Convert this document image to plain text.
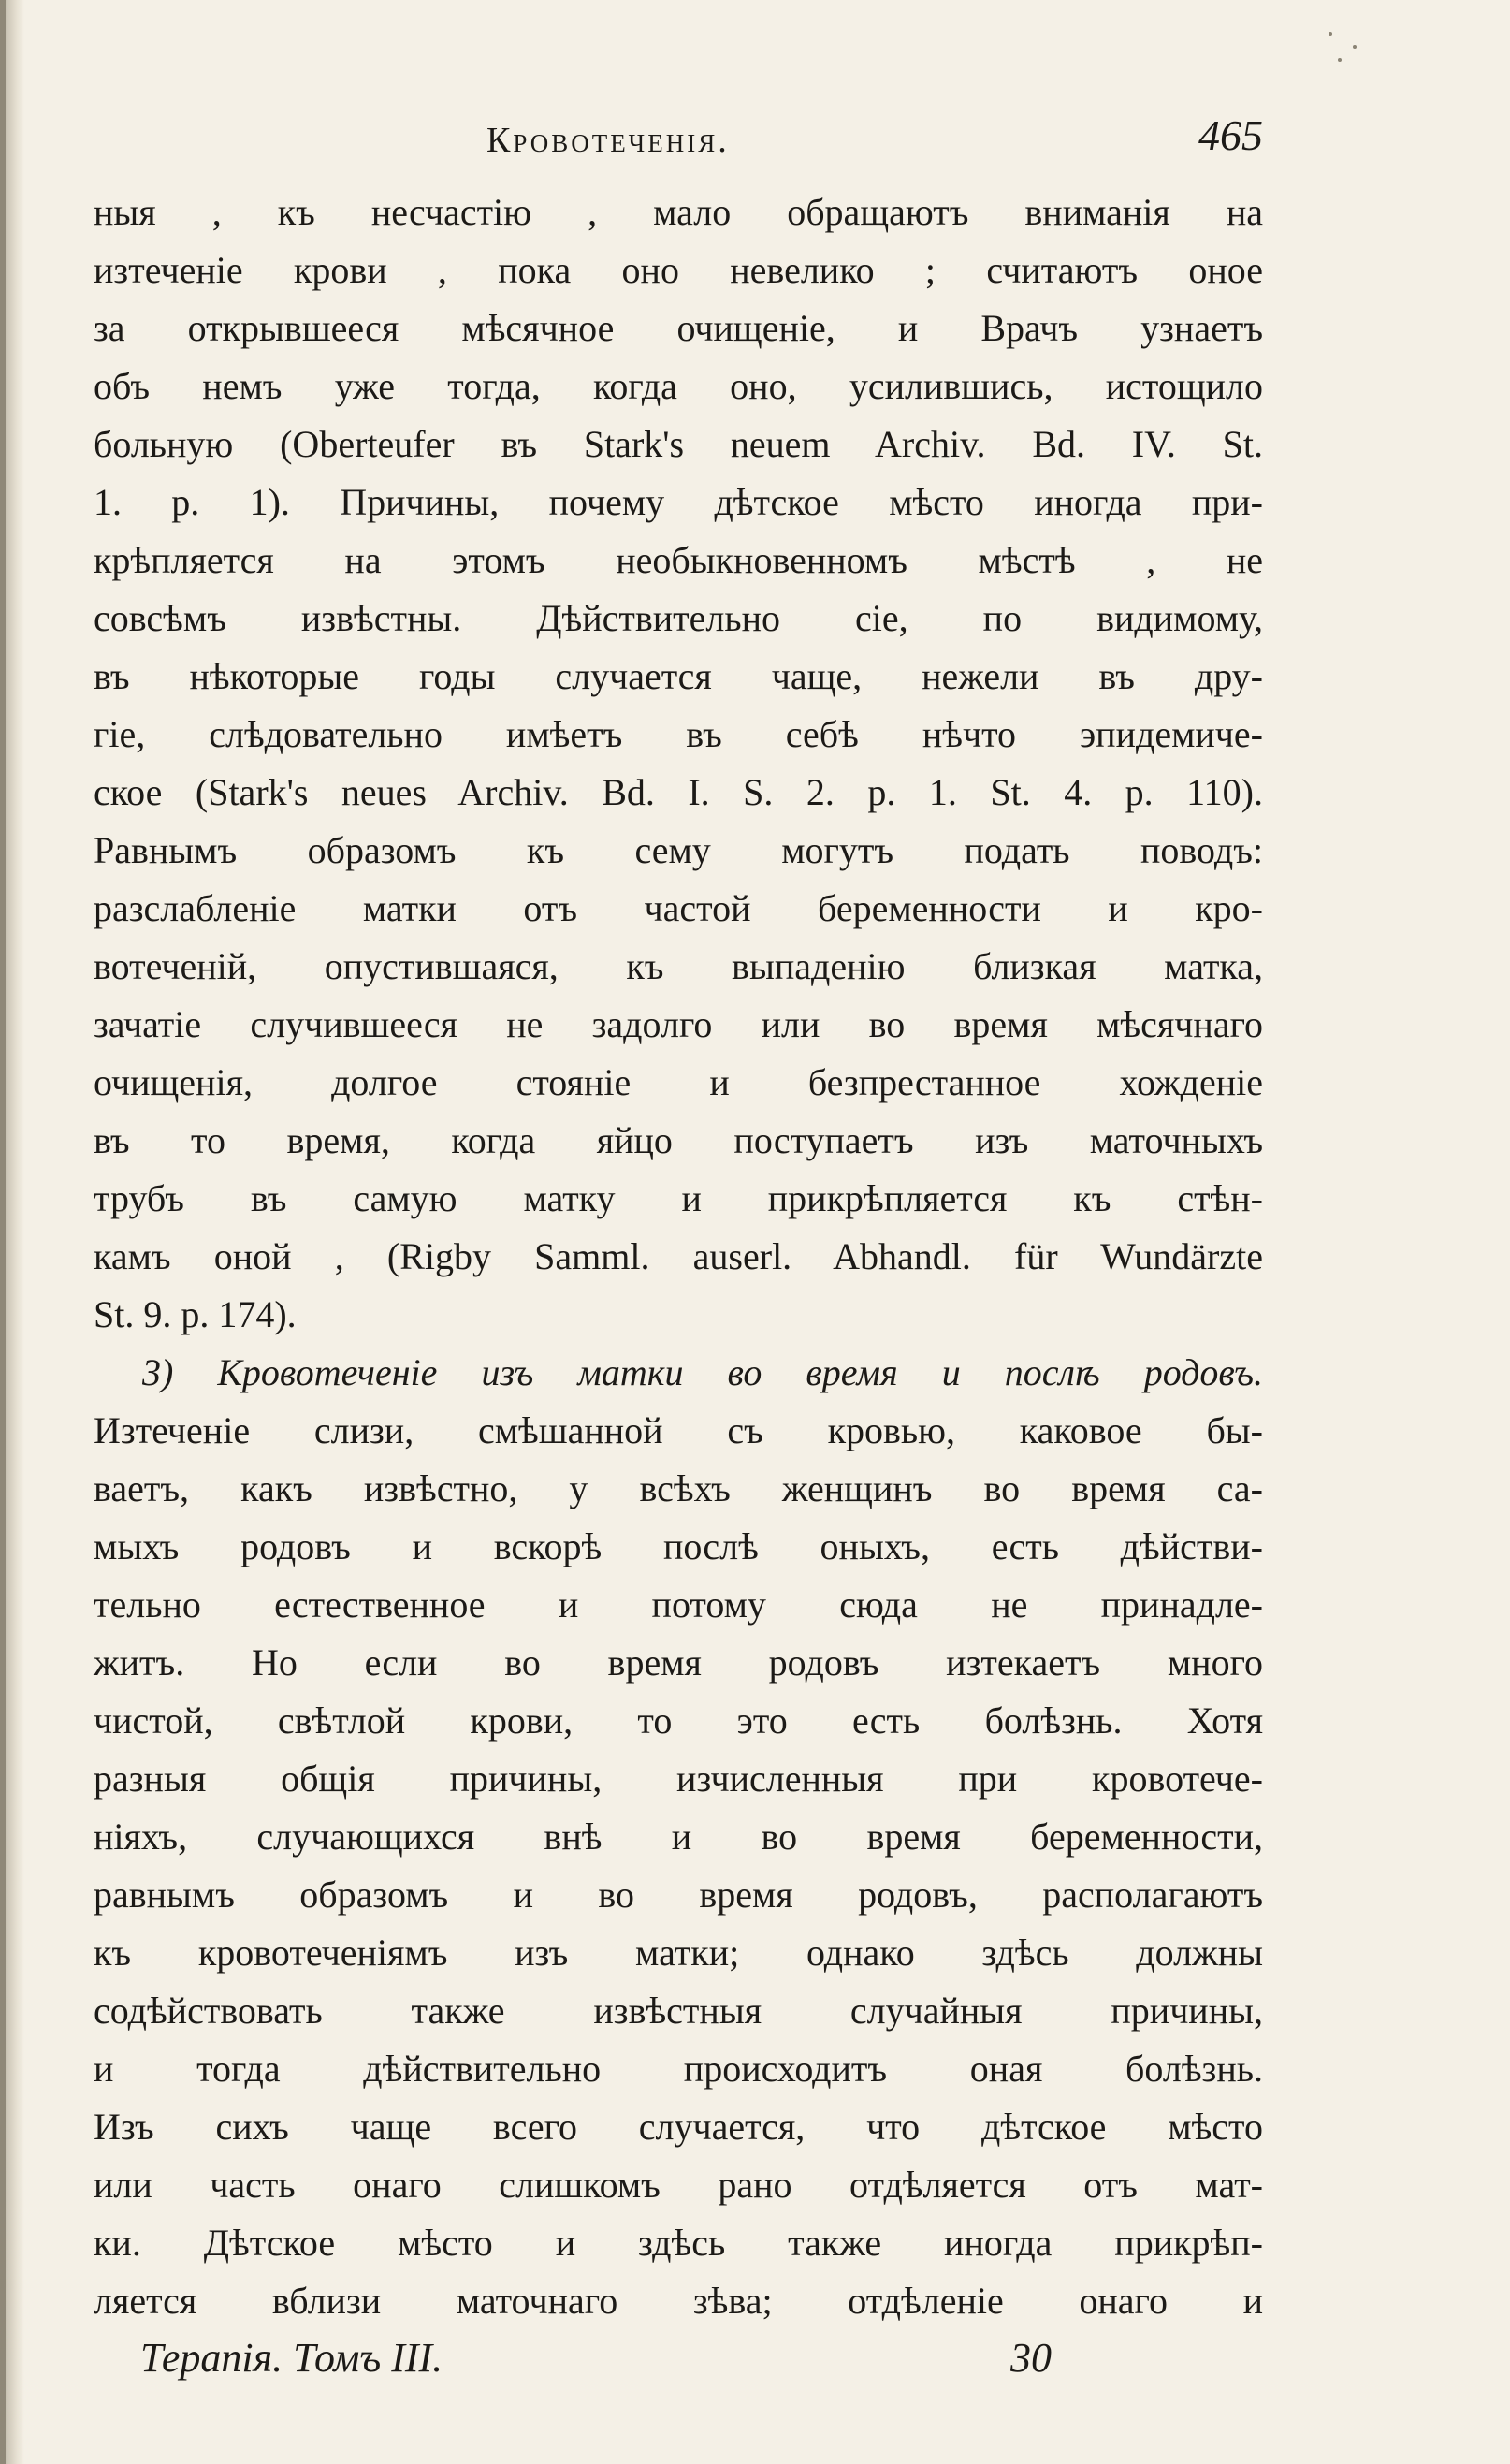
Кровотеченія.	465
ныя , къ несчастію , мало обращаютъ вниманія на
изтеченіе крови , пока оно невелико ; считаютъ оное
за открывшееся мѣсячное очищеніе, и Врачъ узнаетъ
объ немъ уже тогда, когда оно, усилившись, истощило
больную (Oberteufer въ Stark's neuem Archiv. Bd. IV. St.
1. p. 1). Причины, почему дѣтское мѣсто иногда при-
крѣпляется на этомъ необыкновенномъ мѣстѣ , не
совсѣмъ извѣстны. Дѣйствительно сіе, по видимому,
въ нѣкоторые годы случается чаще, нежели въ дру-
гіе, слѣдовательно имѣетъ въ себѣ нѣчто эпидемиче-
ское (Stark's neues Archiv. Bd. I. S. 2. p. 1. St. 4. p. 110).
Равнымъ образомъ къ сему могутъ подать поводъ:
разслабленіе матки отъ частой беременности и кро-
вотеченій, опустившаяся, къ выпаденію близкая матка,
зачатіе случившееся не задолго или во время мѣсячнаго
очищенія, долгое стояніе и безпрестанное хожденіе
въ то время, когда яйцо поступаетъ изъ маточныхъ
трубъ въ самую матку и прикрѣпляется къ стѣн-
камъ оной , (Rigby Samml. auserl. Abhandl. für Wundärzte
St. 9. p. 174).
3) Кровотеченіе изъ матки во время и послѣ родовъ.
Изтеченіе слизи, смѣшанной съ кровью, каковое бы-
ваетъ, какъ извѣстно, у всѣхъ женщинъ во время са-
мыхъ родовъ и вскорѣ послѣ оныхъ, есть дѣйстви-
тельно естественное и потому сюда не принадле-
житъ. Но если во время родовъ изтекаетъ много
чистой, свѣтлой крови, то это есть болѣзнь. Хотя
разныя общія причины, изчисленныя при кровотече-
ніяхъ, случающихся внѣ и во время беременности,
равнымъ образомъ и во время родовъ, располагаютъ
къ кровотеченіямъ изъ матки; однако здѣсь должны
содѣйствовать также извѣстныя случайныя причины,
и тогда дѣйствительно происходитъ оная болѣзнь.
Изъ сихъ чаще всего случается, что дѣтское мѣсто
или часть онаго слишкомъ рано отдѣляется отъ мат-
ки. Дѣтское мѣсто и здѣсь также иногда прикрѣп-
ляется вблизи маточнаго зѣва; отдѣленіе онаго и
Терапія. Томъ III.	30
